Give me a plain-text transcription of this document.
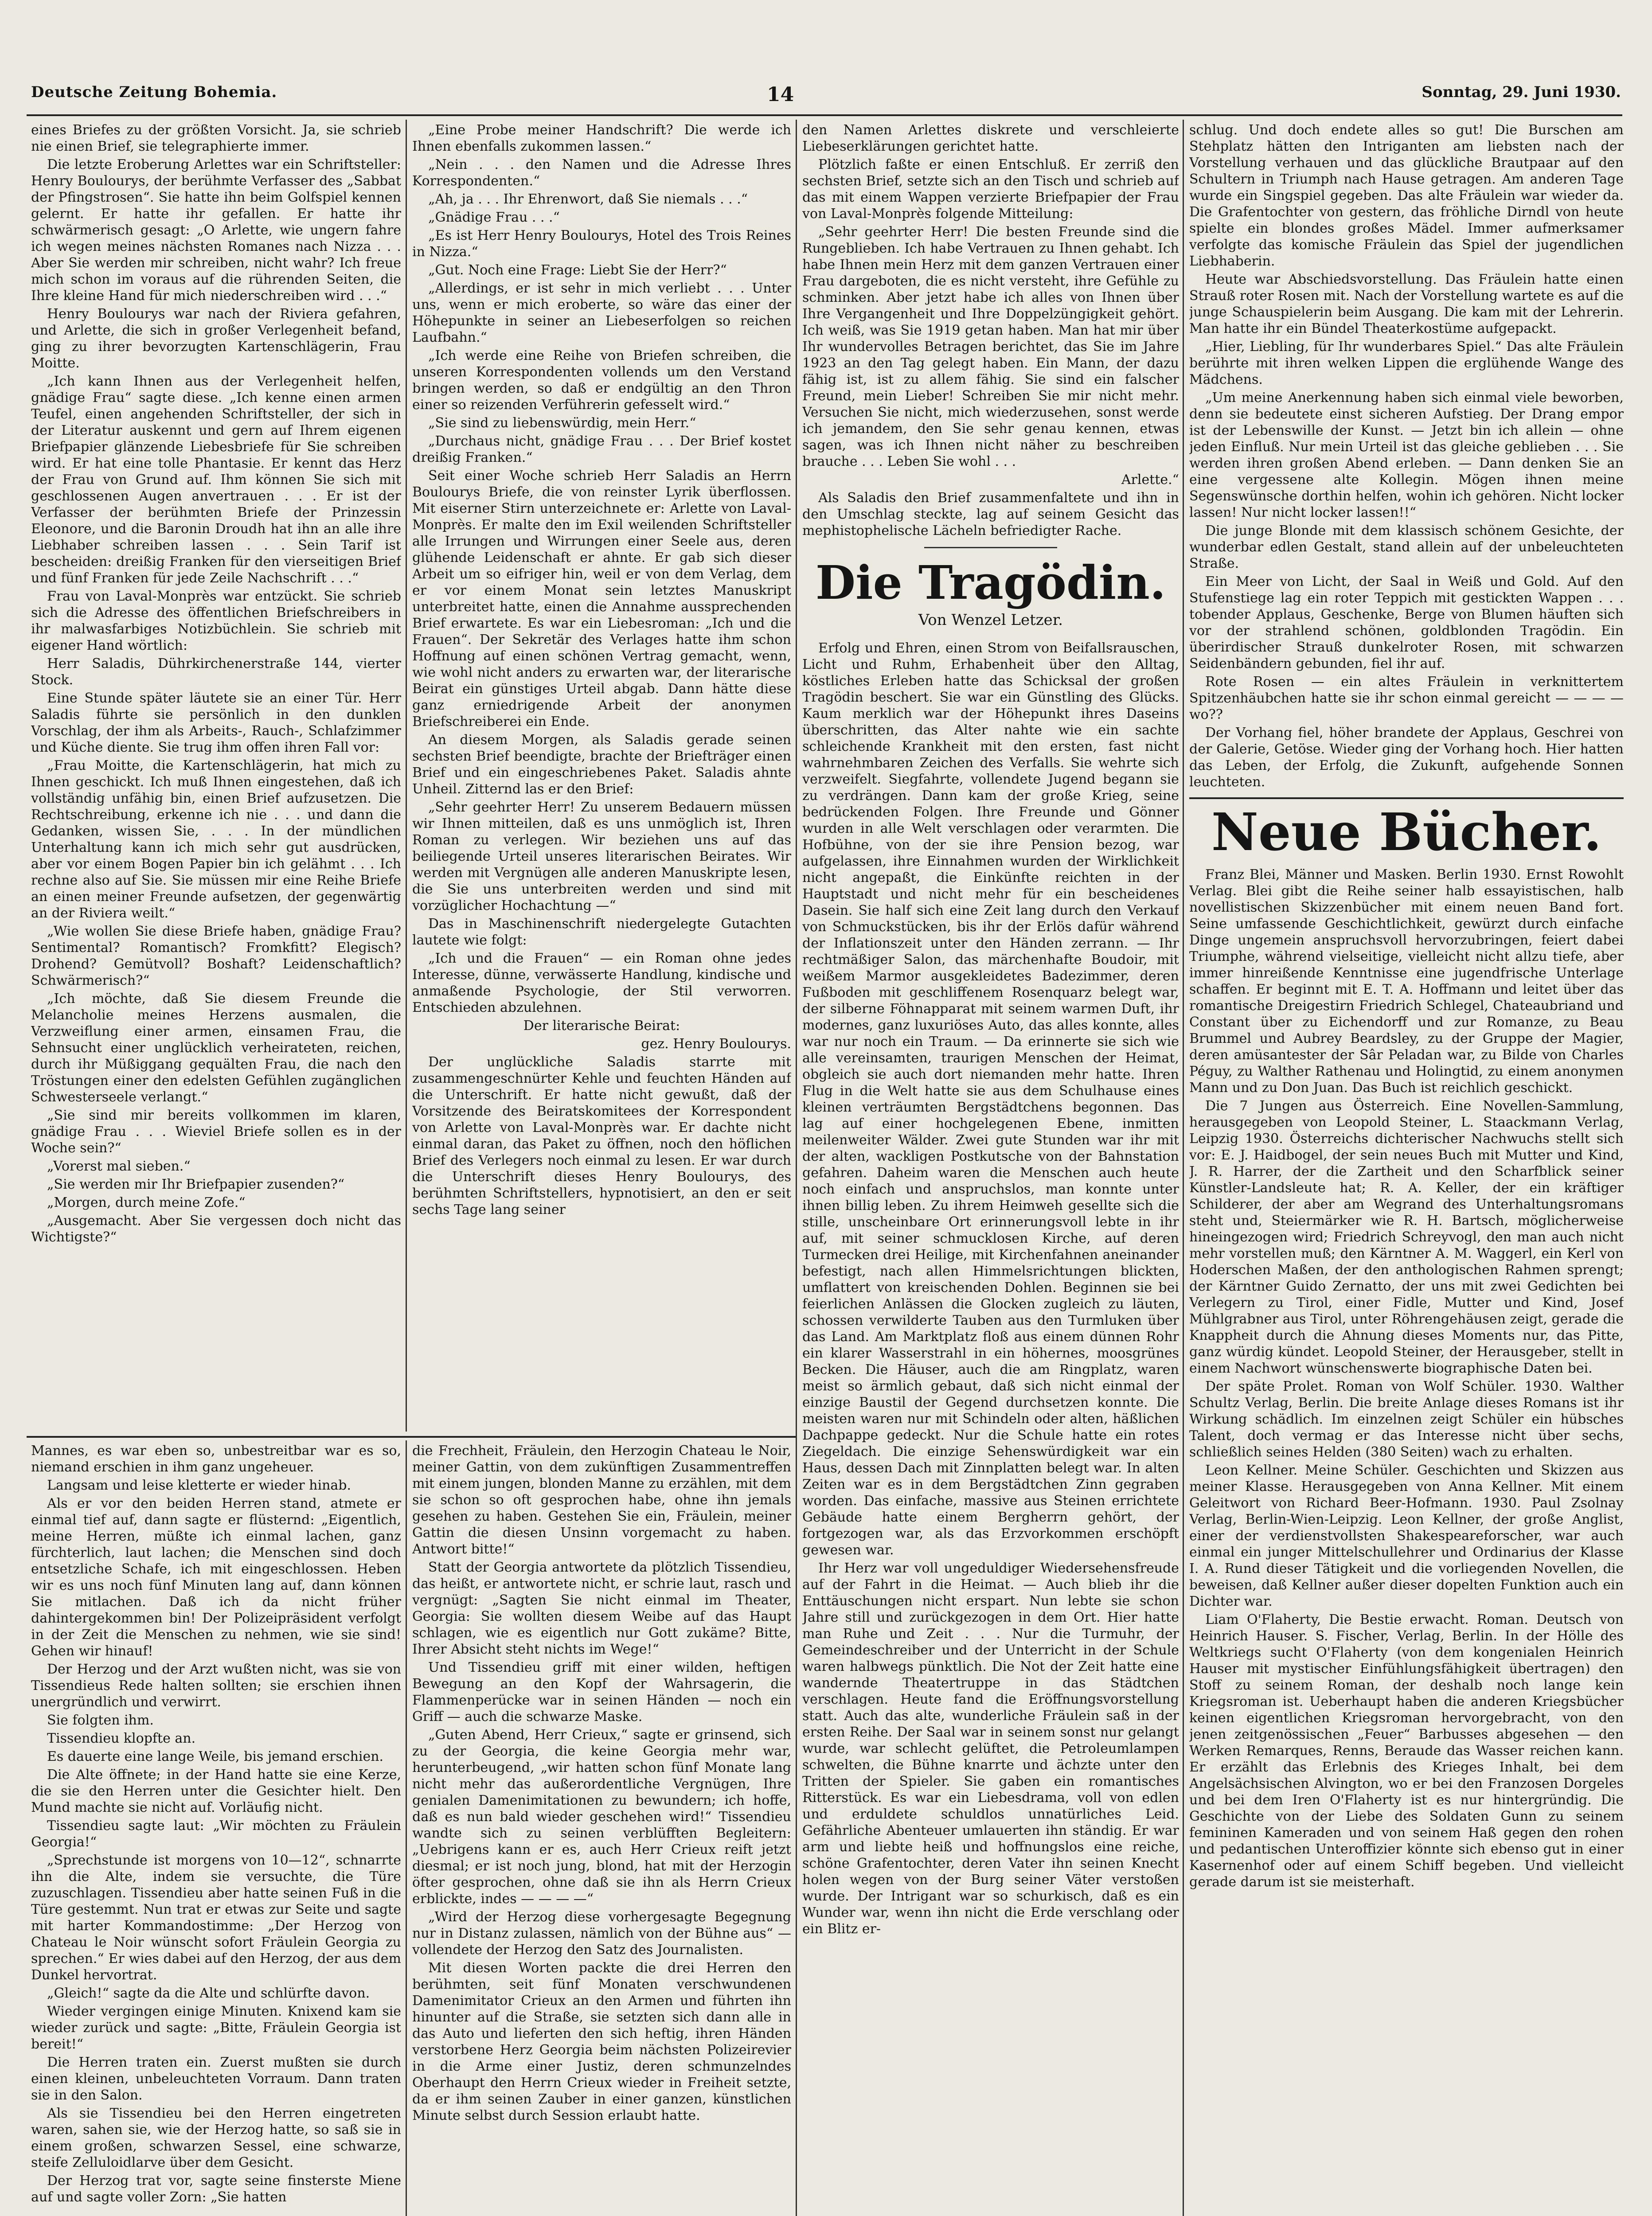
Deutsche Zeitung Bohemia.	14	Sonntag, 29. Juni 1930.

eines Briefes zu der größten Vorsicht. Ja, sie schrieb nie einen Brief, sie telegraphierte immer.

Die letzte Eroberung Arlettes war ein Schriftsteller: Henry Boulourys, der berühmte Verfasser des „Sabbat der Pfingstrosen“. Sie hatte ihn beim Golfspiel kennen gelernt. Er hatte ihr gefallen. Er hatte ihr schwärmerisch gesagt: „O Arlette, wie ungern fahre ich wegen meines nächsten Romanes nach Nizza . . . Aber Sie werden mir schreiben, nicht wahr? Ich freue mich schon im voraus auf die rührenden Seiten, die Ihre kleine Hand für mich niederschreiben wird . . .“

Henry Boulourys war nach der Riviera gefahren, und Arlette, die sich in großer Verlegenheit befand, ging zu ihrer bevorzugten Kartenschlägerin, Frau Moitte.

„Ich kann Ihnen aus der Verlegenheit helfen, gnädige Frau“ sagte diese. „Ich kenne einen armen Teufel, einen angehenden Schriftsteller, der sich in der Literatur auskennt und gern auf Ihrem eigenen Briefpapier glänzende Liebesbriefe für Sie schreiben wird. Er hat eine tolle Phantasie. Er kennt das Herz der Frau von Grund auf. Ihm können Sie sich mit geschlossenen Augen anvertrauen . . . Er ist der Verfasser der berühmten Briefe der Prinzessin Eleonore, und die Baronin Droudh hat ihn an alle ihre Liebhaber schreiben lassen . . . Sein Tarif ist bescheiden: dreißig Franken für den vierseitigen Brief und fünf Franken für jede Zeile Nachschrift . . .“

Frau von Laval-Monprès war entzückt. Sie schrieb sich die Adresse des öffentlichen Briefschreibers in ihr malwasfarbiges Notizbüchlein. Sie schrieb mit eigener Hand wörtlich:

Herr Saladis, Dührkirchenerstraße 144, vierter Stock.

Eine Stunde später läutete sie an einer Tür. Herr Saladis führte sie persönlich in den dunklen Vorschlag, der ihm als Arbeits-, Rauch-, Schlafzimmer und Küche diente. Sie trug ihm offen ihren Fall vor:

„Frau Moitte, die Kartenschlägerin, hat mich zu Ihnen geschickt. Ich muß Ihnen eingestehen, daß ich vollständig unfähig bin, einen Brief aufzusetzen. Die Rechtschreibung, erkenne ich nie . . . und dann die Gedanken, wissen Sie, . . . In der mündlichen Unterhaltung kann ich mich sehr gut ausdrücken, aber vor einem Bogen Papier bin ich gelähmt . . . Ich rechne also auf Sie. Sie müssen mir eine Reihe Briefe an einen meiner Freunde aufsetzen, der gegenwärtig an der Riviera weilt.“

„Wie wollen Sie diese Briefe haben, gnädige Frau? Sentimental? Romantisch? Fromkfitt? Elegisch? Drohend? Gemütvoll? Boshaft? Leidenschaftlich? Schwärmerisch?“

„Ich möchte, daß Sie diesem Freunde die Melancholie meines Herzens ausmalen, die Verzweiflung einer armen, einsamen Frau, die Sehnsucht einer unglücklich verheirateten, reichen, durch ihr Müßiggang gequälten Frau, die nach den Tröstungen einer den edelsten Gefühlen zugänglichen Schwesterseele verlangt.“

„Sie sind mir bereits vollkommen im klaren, gnädige Frau . . . Wieviel Briefe sollen es in der Woche sein?“

„Vorerst mal sieben.“

„Sie werden mir Ihr Briefpapier zusenden?“

„Morgen, durch meine Zofe.“

„Ausgemacht. Aber Sie vergessen doch nicht das Wichtigste?“

„Eine Probe meiner Handschrift? Die werde ich Ihnen ebenfalls zukommen lassen.“

„Nein . . . den Namen und die Adresse Ihres Korrespondenten.“

„Ah, ja . . . Ihr Ehrenwort, daß Sie niemals . . .“

„Gnädige Frau . . .“

„Es ist Herr Henry Boulourys, Hotel des Trois Reines in Nizza.“

„Gut. Noch eine Frage: Liebt Sie der Herr?“

„Allerdings, er ist sehr in mich verliebt . . . Unter uns, wenn er mich eroberte, so wäre das einer der Höhepunkte in seiner an Liebeserfolgen so reichen Laufbahn.“

„Ich werde eine Reihe von Briefen schreiben, die unseren Korrespondenten vollends um den Verstand bringen werden, so daß er endgültig an den Thron einer so reizenden Verführerin gefesselt wird.“

„Sie sind zu liebenswürdig, mein Herr.“

„Durchaus nicht, gnädige Frau . . . Der Brief kostet dreißig Franken.“

Seit einer Woche schrieb Herr Saladis an Herrn Boulourys Briefe, die von reinster Lyrik überflossen. Mit eiserner Stirn unterzeichnete er: Arlette von Laval-Monprès. Er malte den im Exil weilenden Schriftsteller alle Irrungen und Wirrungen einer Seele aus, deren glühende Leidenschaft er ahnte. Er gab sich dieser Arbeit um so eifriger hin, weil er von dem Verlag, dem er vor einem Monat sein letztes Manuskript unterbreitet hatte, einen die Annahme aussprechenden Brief erwartete. Es war ein Liebesroman: „Ich und die Frauen“. Der Sekretär des Verlages hatte ihm schon Hoffnung auf einen schönen Vertrag gemacht, wenn, wie wohl nicht anders zu erwarten war, der literarische Beirat ein günstiges Urteil abgab. Dann hätte diese ganz erniedrigende Arbeit der anonymen Briefschreiberei ein Ende.

An diesem Morgen, als Saladis gerade seinen sechsten Brief beendigte, brachte der Briefträger einen Brief und ein eingeschriebenes Paket. Saladis ahnte Unheil. Zitternd las er den Brief:

„Sehr geehrter Herr! Zu unserem Bedauern müssen wir Ihnen mitteilen, daß es uns unmöglich ist, Ihren Roman zu verlegen. Wir beziehen uns auf das beiliegende Urteil unseres literarischen Beirates. Wir werden mit Vergnügen alle anderen Manuskripte lesen, die Sie uns unterbreiten werden und sind mit vorzüglicher Hochachtung —“

Das in Maschinenschrift niedergelegte Gutachten lautete wie folgt:

„Ich und die Frauen“ — ein Roman ohne jedes Interesse, dünne, verwässerte Handlung, kindische und anmaßende Psychologie, der Stil verworren. Entschieden abzulehnen.

Der literarische Beirat:

gez. Henry Boulourys.

Der unglückliche Saladis starrte mit zusammengeschnürter Kehle und feuchten Händen auf die Unterschrift. Er hatte nicht gewußt, daß der Vorsitzende des Beiratskomitees der Korrespondent von Arlette von Laval-Monprès war. Er dachte nicht einmal daran, das Paket zu öffnen, noch den höflichen Brief des Verlegers noch einmal zu lesen. Er war durch die Unterschrift dieses Henry Boulourys, des berühmten Schriftstellers, hypnotisiert, an den er seit sechs Tage lang seiner

den Namen Arlettes diskrete und verschleierte Liebeserklärungen gerichtet hatte.

Plötzlich faßte er einen Entschluß. Er zerriß den sechsten Brief, setzte sich an den Tisch und schrieb auf das mit einem Wappen verzierte Briefpapier der Frau von Laval-Monprès folgende Mitteilung:

„Sehr geehrter Herr! Die besten Freunde sind die Rungeblieben. Ich habe Vertrauen zu Ihnen gehabt. Ich habe Ihnen mein Herz mit dem ganzen Vertrauen einer Frau dargeboten, die es nicht versteht, ihre Gefühle zu schminken. Aber jetzt habe ich alles von Ihnen über Ihre Vergangenheit und Ihre Doppelzüngigkeit gehört. Ich weiß, was Sie 1919 getan haben. Man hat mir über Ihr wundervolles Betragen berichtet, das Sie im Jahre 1923 an den Tag gelegt haben. Ein Mann, der dazu fähig ist, ist zu allem fähig. Sie sind ein falscher Freund, mein Lieber! Schreiben Sie mir nicht mehr. Versuchen Sie nicht, mich wiederzusehen, sonst werde ich jemandem, den Sie sehr genau kennen, etwas sagen, was ich Ihnen nicht näher zu beschreiben brauche . . . Leben Sie wohl . . .

Arlette.“

Als Saladis den Brief zusammenfaltete und ihn in den Umschlag steckte, lag auf seinem Gesicht das mephistophelische Lächeln befriedigter Rache.

Die Tragödin.
Von Wenzel Letzer.

Erfolg und Ehren, einen Strom von Beifallsrauschen, Licht und Ruhm, Erhabenheit über den Alltag, köstliches Erleben hatte das Schicksal der großen Tragödin beschert. Sie war ein Günstling des Glücks. Kaum merklich war der Höhepunkt ihres Daseins überschritten, das Alter nahte wie ein sachte schleichende Krankheit mit den ersten, fast nicht wahrnehmbaren Zeichen des Verfalls. Sie wehrte sich verzweifelt. Siegfahrte, vollendete Jugend begann sie zu verdrängen. Dann kam der große Krieg, seine bedrückenden Folgen. Ihre Freunde und Gönner wurden in alle Welt verschlagen oder verarmten. Die Hofbühne, von der sie ihre Pension bezog, war aufgelassen, ihre Einnahmen wurden der Wirklichkeit nicht angepaßt, die Einkünfte reichten in der Hauptstadt und nicht mehr für ein bescheidenes Dasein. Sie half sich eine Zeit lang durch den Verkauf von Schmuckstücken, bis ihr der Erlös dafür während der Inflationszeit unter den Händen zerrann. — Ihr rechtmäßiger Salon, das märchenhafte Boudoir, mit weißem Marmor ausgekleidetes Badezimmer, deren Fußboden mit geschliffenem Rosenquarz belegt war, der silberne Föhnapparat mit seinem warmen Duft, ihr modernes, ganz luxuriöses Auto, das alles konnte, alles war nur noch ein Traum. — Da erinnerte sie sich wie alle vereinsamten, traurigen Menschen der Heimat, obgleich sie auch dort niemanden mehr hatte. Ihren Flug in die Welt hatte sie aus dem Schulhause eines kleinen verträumten Bergstädtchens begonnen. Das lag auf einer hochgelegenen Ebene, inmitten meilenweiter Wälder. Zwei gute Stunden war ihr mit der alten, wackligen Postkutsche von der Bahnstation gefahren. Daheim waren die Menschen auch heute noch einfach und anspruchslos, man konnte unter ihnen billig leben. Zu ihrem Heimweh gesellte sich die stille, unscheinbare Ort erinnerungsvoll lebte in ihr auf, mit seiner schmucklosen Kirche, auf deren Turmecken drei Heilige, mit Kirchenfahnen aneinander befestigt, nach allen Himmelsrichtungen blickten, umflattert von kreischenden Dohlen. Beginnen sie bei feierlichen Anlässen die Glocken zugleich zu läuten, schossen verwilderte Tauben aus den Turmluken über das Land. Am Marktplatz floß aus einem dünnen Rohr ein klarer Wasserstrahl in ein höhernes, moosgrünes Becken. Die Häuser, auch die am Ringplatz, waren meist so ärmlich gebaut, daß sich nicht einmal der einzige Baustil der Gegend durchsetzen konnte. Die meisten waren nur mit Schindeln oder alten, häßlichen Dachpappe gedeckt. Nur die Schule hatte ein rotes Ziegeldach. Die einzige Sehenswürdigkeit war ein Haus, dessen Dach mit Zinnplatten belegt war. In alten Zeiten war es in dem Bergstädtchen Zinn gegraben worden. Das einfache, massive aus Steinen errichtete Gebäude hatte einem Bergherrn gehört, der fortgezogen war, als das Erzvorkommen erschöpft gewesen war.

Ihr Herz war voll ungeduldiger Wiedersehensfreude auf der Fahrt in die Heimat. — Auch blieb ihr die Enttäuschungen nicht erspart. Nun lebte sie schon Jahre still und zurückgezogen in dem Ort. Hier hatte man Ruhe und Zeit . . . Nur die Turmuhr, der Gemeindeschreiber und der Unterricht in der Schule waren halbwegs pünktlich. Die Not der Zeit hatte eine wandernde Theatertruppe in das Städtchen verschlagen. Heute fand die Eröffnungsvorstellung statt. Auch das alte, wunderliche Fräulein saß in der ersten Reihe. Der Saal war in seinem sonst nur gelangt wurde, war schlecht gelüftet, die Petroleumlampen schwelten, die Bühne knarrte und ächzte unter den Tritten der Spieler. Sie gaben ein romantisches Ritterstück. Es war ein Liebesdrama, voll von edlen und erduldete schuldlos unnatürliches Leid. Gefährliche Abenteuer umlauerten ihn ständig. Er war arm und liebte heiß und hoffnungslos eine reiche, schöne Grafentochter, deren Vater ihn seinen Knecht holen wegen von der Burg seiner Väter verstoßen wurde. Der Intrigant war so schurkisch, daß es ein Wunder war, wenn ihn nicht die Erde verschlang oder ein Blitz er-

schlug. Und doch endete alles so gut! Die Burschen am Stehplatz hätten den Intriganten am liebsten nach der Vorstellung verhauen und das glückliche Brautpaar auf den Schultern in Triumph nach Hause getragen. Am anderen Tage wurde ein Singspiel gegeben. Das alte Fräulein war wieder da. Die Grafentochter von gestern, das fröhliche Dirndl von heute spielte ein blondes großes Mädel. Immer aufmerksamer verfolgte das komische Fräulein das Spiel der jugendlichen Liebhaberin.

Heute war Abschiedsvorstellung. Das Fräulein hatte einen Strauß roter Rosen mit. Nach der Vorstellung wartete es auf die junge Schauspielerin beim Ausgang. Die kam mit der Lehrerin. Man hatte ihr ein Bündel Theaterkostüme aufgepackt.

„Hier, Liebling, für Ihr wunderbares Spiel.“ Das alte Fräulein berührte mit ihren welken Lippen die erglühende Wange des Mädchens.

„Um meine Anerkennung haben sich einmal viele beworben, denn sie bedeutete einst sicheren Aufstieg. Der Drang empor ist der Lebenswille der Kunst. — Jetzt bin ich allein — ohne jeden Einfluß. Nur mein Urteil ist das gleiche geblieben . . . Sie werden ihren großen Abend erleben. — Dann denken Sie an eine vergessene alte Kollegin. Mögen ihnen meine Segenswünsche dorthin helfen, wohin ich gehören. Nicht locker lassen! Nur nicht locker lassen!!“

Die junge Blonde mit dem klassisch schönem Gesichte, der wunderbar edlen Gestalt, stand allein auf der unbeleuchteten Straße.

Ein Meer von Licht, der Saal in Weiß und Gold. Auf den Stufenstiege lag ein roter Teppich mit gestickten Wappen . . . tobender Applaus, Geschenke, Berge von Blumen häuften sich vor der strahlend schönen, goldblonden Tragödin. Ein überirdischer Strauß dunkelroter Rosen, mit schwarzen Seidenbändern gebunden, fiel ihr auf.

Rote Rosen — ein altes Fräulein in verknittertem Spitzenhäubchen hatte sie ihr schon einmal gereicht — — — — wo??

Der Vorhang fiel, höher brandete der Applaus, Geschrei von der Galerie, Getöse. Wieder ging der Vorhang hoch. Hier hatten das Leben, der Erfolg, die Zukunft, aufgehende Sonnen leuchteten.

Neue Bücher.

Franz Blei, Männer und Masken. Berlin 1930. Ernst Rowohlt Verlag. Blei gibt die Reihe seiner halb essayistischen, halb novellistischen Skizzenbücher mit einem neuen Band fort. Seine umfassende Geschichtlichkeit, gewürzt durch einfache Dinge ungemein anspruchsvoll hervorzubringen, feiert dabei Triumphe, während vielseitige, vielleicht nicht allzu tiefe, aber immer hinreißende Kenntnisse eine jugendfrische Unterlage schaffen. Er beginnt mit E. T. A. Hoffmann und leitet über das romantische Dreigestirn Friedrich Schlegel, Chateaubriand und Constant über zu Eichendorff und zur Romanze, zu Beau Brummel und Aubrey Beardsley, zu der Gruppe der Magier, deren amüsantester der Sâr Peladan war, zu Bilde von Charles Péguy, zu Walther Rathenau und Holingtid, zu einem anonymen Mann und zu Don Juan. Das Buch ist reichlich geschickt.

Die 7 Jungen aus Österreich. Eine Novellen-Sammlung, herausgegeben von Leopold Steiner, L. Staackmann Verlag, Leipzig 1930. Österreichs dichterischer Nachwuchs stellt sich vor: E. J. Haidbogel, der sein neues Buch mit Mutter und Kind, J. R. Harrer, der die Zartheit und den Scharfblick seiner Künstler-Landsleute hat; R. A. Keller, der ein kräftiger Schilderer, der aber am Wegrand des Unterhaltungsromans steht und, Steiermärker wie R. H. Bartsch, möglicherweise hineingezogen wird; Friedrich Schreyvogl, den man auch nicht mehr vorstellen muß; den Kärntner A. M. Waggerl, ein Kerl von Hoderschen Maßen, der den anthologischen Rahmen sprengt; der Kärntner Guido Zernatto, der uns mit zwei Gedichten bei Verlegern zu Tirol, einer Fidle, Mutter und Kind, Josef Mühlgrabner aus Tirol, unter Röhrengehäusen zeigt, gerade die Knappheit durch die Ahnung dieses Moments nur, das Pitte, ganz würdig kündet. Leopold Steiner, der Herausgeber, stellt in einem Nachwort wünschenswerte biographische Daten bei.

Der späte Prolet. Roman von Wolf Schüler. 1930. Walther Schultz Verlag, Berlin. Die breite Anlage dieses Romans ist ihr Wirkung schädlich. Im einzelnen zeigt Schüler ein hübsches Talent, doch vermag er das Interesse nicht über sechs, schließlich seines Helden (380 Seiten) wach zu erhalten.

Leon Kellner. Meine Schüler. Geschichten und Skizzen aus meiner Klasse. Herausgegeben von Anna Kellner. Mit einem Geleitwort von Richard Beer-Hofmann. 1930. Paul Zsolnay Verlag, Berlin-Wien-Leipzig. Leon Kellner, der große Anglist, einer der verdienstvollsten Shakespeareforscher, war auch einmal ein junger Mittelschullehrer und Ordinarius der Klasse I. A. Rund dieser Tätigkeit und die vorliegenden Novellen, die beweisen, daß Kellner außer dieser dopelten Funktion auch ein Dichter war.

Liam O'Flaherty, Die Bestie erwacht. Roman. Deutsch von Heinrich Hauser. S. Fischer, Verlag, Berlin. In der Hölle des Weltkriegs sucht O'Flaherty (von dem kongenialen Heinrich Hauser mit mystischer Einfühlungsfähigkeit übertragen) den Stoff zu seinem Roman, der deshalb noch lange kein Kriegsroman ist. Ueberhaupt haben die anderen Kriegsbücher keinen eigentlichen Kriegsroman hervorgebracht, von den jenen zeitgenössischen „Feuer“ Barbusses abgesehen — den Werken Remarques, Renns, Beraude das Wasser reichen kann. Er erzählt das Erlebnis des Krieges Inhalt, bei dem Angelsächsischen Alvington, wo er bei den Franzosen Dorgeles und bei dem Iren O'Flaherty ist es nur hintergründig. Die Geschichte von der Liebe des Soldaten Gunn zu seinem femininen Kameraden und von seinem Haß gegen den rohen und pedantischen Unteroffizier könnte sich ebenso gut in einer Kasernenhof oder auf einem Schiff begeben. Und vielleicht gerade darum ist sie meisterhaft.

Mannes, es war eben so, unbestreitbar war es so, niemand erschien in ihm ganz ungeheuer.

Langsam und leise kletterte er wieder hinab.

Als er vor den beiden Herren stand, atmete er einmal tief auf, dann sagte er flüsternd: „Eigentlich, meine Herren, müßte ich einmal lachen, ganz fürchterlich, laut lachen; die Menschen sind doch entsetzliche Schafe, ich mit eingeschlossen. Heben wir es uns noch fünf Minuten lang auf, dann können Sie mitlachen. Daß ich da nicht früher dahintergekommen bin! Der Polizeipräsident verfolgt in der Zeit die Menschen zu nehmen, wie sie sind! Gehen wir hinauf!

Der Herzog und der Arzt wußten nicht, was sie von Tissendieus Rede halten sollten; sie erschien ihnen unergründlich und verwirrt.

Sie folgten ihm.

Tissendieu klopfte an.

Es dauerte eine lange Weile, bis jemand erschien.

Die Alte öffnete; in der Hand hatte sie eine Kerze, die sie den Herren unter die Gesichter hielt. Den Mund machte sie nicht auf. Vorläufig nicht.

Tissendieu sagte laut: „Wir möchten zu Fräulein Georgia!“

„Sprechstunde ist morgens von 10—12“, schnarrte ihn die Alte, indem sie versuchte, die Türe zuzuschlagen. Tissendieu aber hatte seinen Fuß in die Türe gestemmt. Nun trat er etwas zur Seite und sagte mit harter Kommandostimme: „Der Herzog von Chateau le Noir wünscht sofort Fräulein Georgia zu sprechen.“ Er wies dabei auf den Herzog, der aus dem Dunkel hervortrat.

„Gleich!“ sagte da die Alte und schlürfte davon.

Wieder vergingen einige Minuten. Knixend kam sie wieder zurück und sagte: „Bitte, Fräulein Georgia ist bereit!“

Die Herren traten ein. Zuerst mußten sie durch einen kleinen, unbeleuchteten Vorraum. Dann traten sie in den Salon.

Als sie Tissendieu bei den Herren eingetreten waren, sahen sie, wie der Herzog hatte, so saß sie in einem großen, schwarzen Sessel, eine schwarze, steife Zelluloidlarve über dem Gesicht.

Der Herzog trat vor, sagte seine finsterste Miene auf und sagte voller Zorn: „Sie hatten

die Frechheit, Fräulein, den Herzogin Chateau le Noir, meiner Gattin, von dem zukünftigen Zusammentreffen mit einem jungen, blonden Manne zu erzählen, mit dem sie schon so oft gesprochen habe, ohne ihn jemals gesehen zu haben. Gestehen Sie ein, Fräulein, meiner Gattin die diesen Unsinn vorgemacht zu haben. Antwort bitte!“

Statt der Georgia antwortete da plötzlich Tissendieu, das heißt, er antwortete nicht, er schrie laut, rasch und vergnügt: „Sagten Sie nicht einmal im Theater, Georgia: Sie wollten diesem Weibe auf das Haupt schlagen, wie es eigentlich nur Gott zukäme? Bitte, Ihrer Absicht steht nichts im Wege!“

Und Tissendieu griff mit einer wilden, heftigen Bewegung an den Kopf der Wahrsagerin, die Flammenperücke war in seinen Händen — noch ein Griff — auch die schwarze Maske.

„Guten Abend, Herr Crieux,“ sagte er grinsend, sich zu der Georgia, die keine Georgia mehr war, herunterbeugend, „wir hatten schon fünf Monate lang nicht mehr das außerordentliche Vergnügen, Ihre genialen Damenimitationen zu bewundern; ich hoffe, daß es nun bald wieder geschehen wird!“ Tissendieu wandte sich zu seinen verblüfften Begleitern: „Uebrigens kann er es, auch Herr Crieux reift jetzt diesmal; er ist noch jung, blond, hat mit der Herzogin öfter gesprochen, ohne daß sie ihn als Herrn Crieux erblickte, indes — — — —“

„Wird der Herzog diese vorhergesagte Begegnung nur in Distanz zulassen, nämlich von der Bühne aus“ — vollendete der Herzog den Satz des Journalisten.

Mit diesen Worten packte die drei Herren den berühmten, seit fünf Monaten verschwundenen Damenimitator Crieux an den Armen und führten ihn hinunter auf die Straße, sie setzten sich dann alle in das Auto und lieferten den sich heftig, ihren Händen verstorbene Herz Georgia beim nächsten Polizeirevier in die Arme einer Justiz, deren schmunzelndes Oberhaupt den Herrn Crieux wieder in Freiheit setzte, da er ihm seinen Zauber in einer ganzen, künstlichen Minute selbst durch Session erlaubt hatte.
